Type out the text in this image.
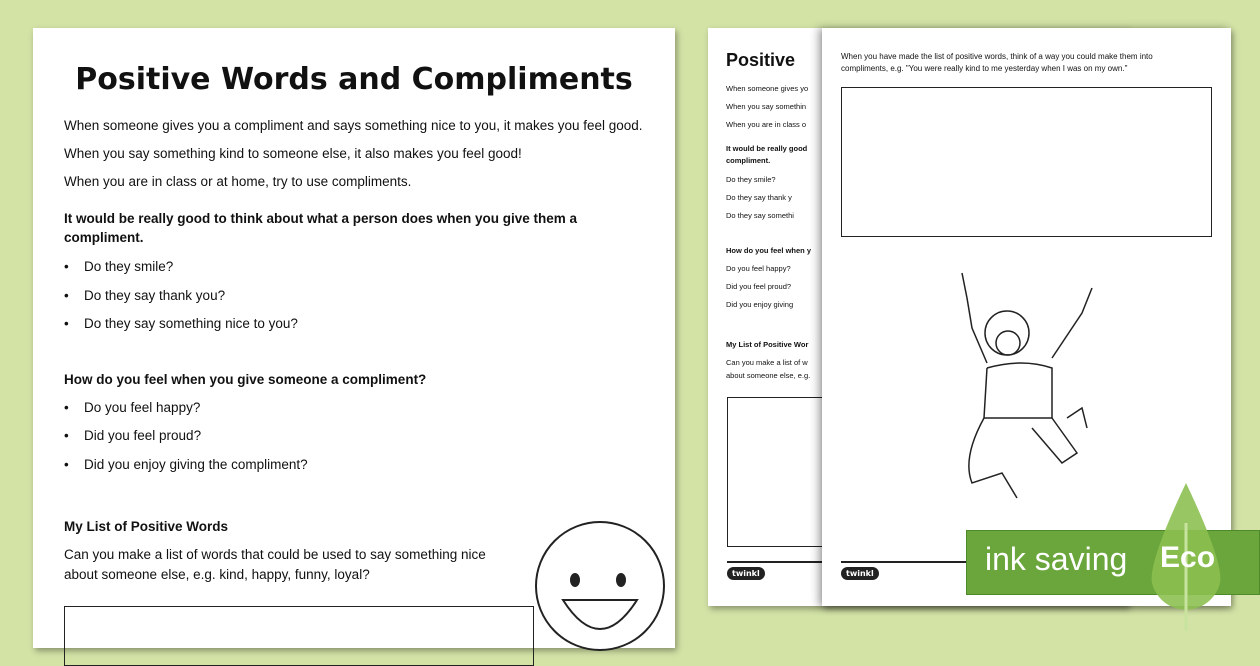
Positive Words and Compliments
When someone gives you a compliment and says something nice to you, it makes you feel good.
When you say something kind to someone else, it also makes you feel good!
When you are in class or at home, try to use compliments.
It would be really good to think about what a person does when you give them a
compliment.
• Do they smile?
• Do they say thank you?
• Do they say something nice to you?
How do you feel when you give someone a compliment?
• Do you feel happy?
• Did you feel proud?
• Did you enjoy giving the compliment?
My List of Positive Words
Can you make a list of words that could be used to say something nice
about someone else, e.g. kind, happy, funny, loyal?
Positive
When someone gives yo
When you say somethin
When you are in class o
It would be really good
compliment.
Do they smile?
Do they say thank y
Do they say somethi
How do you feel when y
Do you feel happy?
Did you feel proud?
Did you enjoy giving
My List of Positive Wor
Can you make a list of w
about someone else, e.g.
twinkl
When you have made the list of positive words, think of a way you could make them into
compliments, e.g. "You were really kind to me yesterday when I was on my own."
twinkl	ink saving Eco
